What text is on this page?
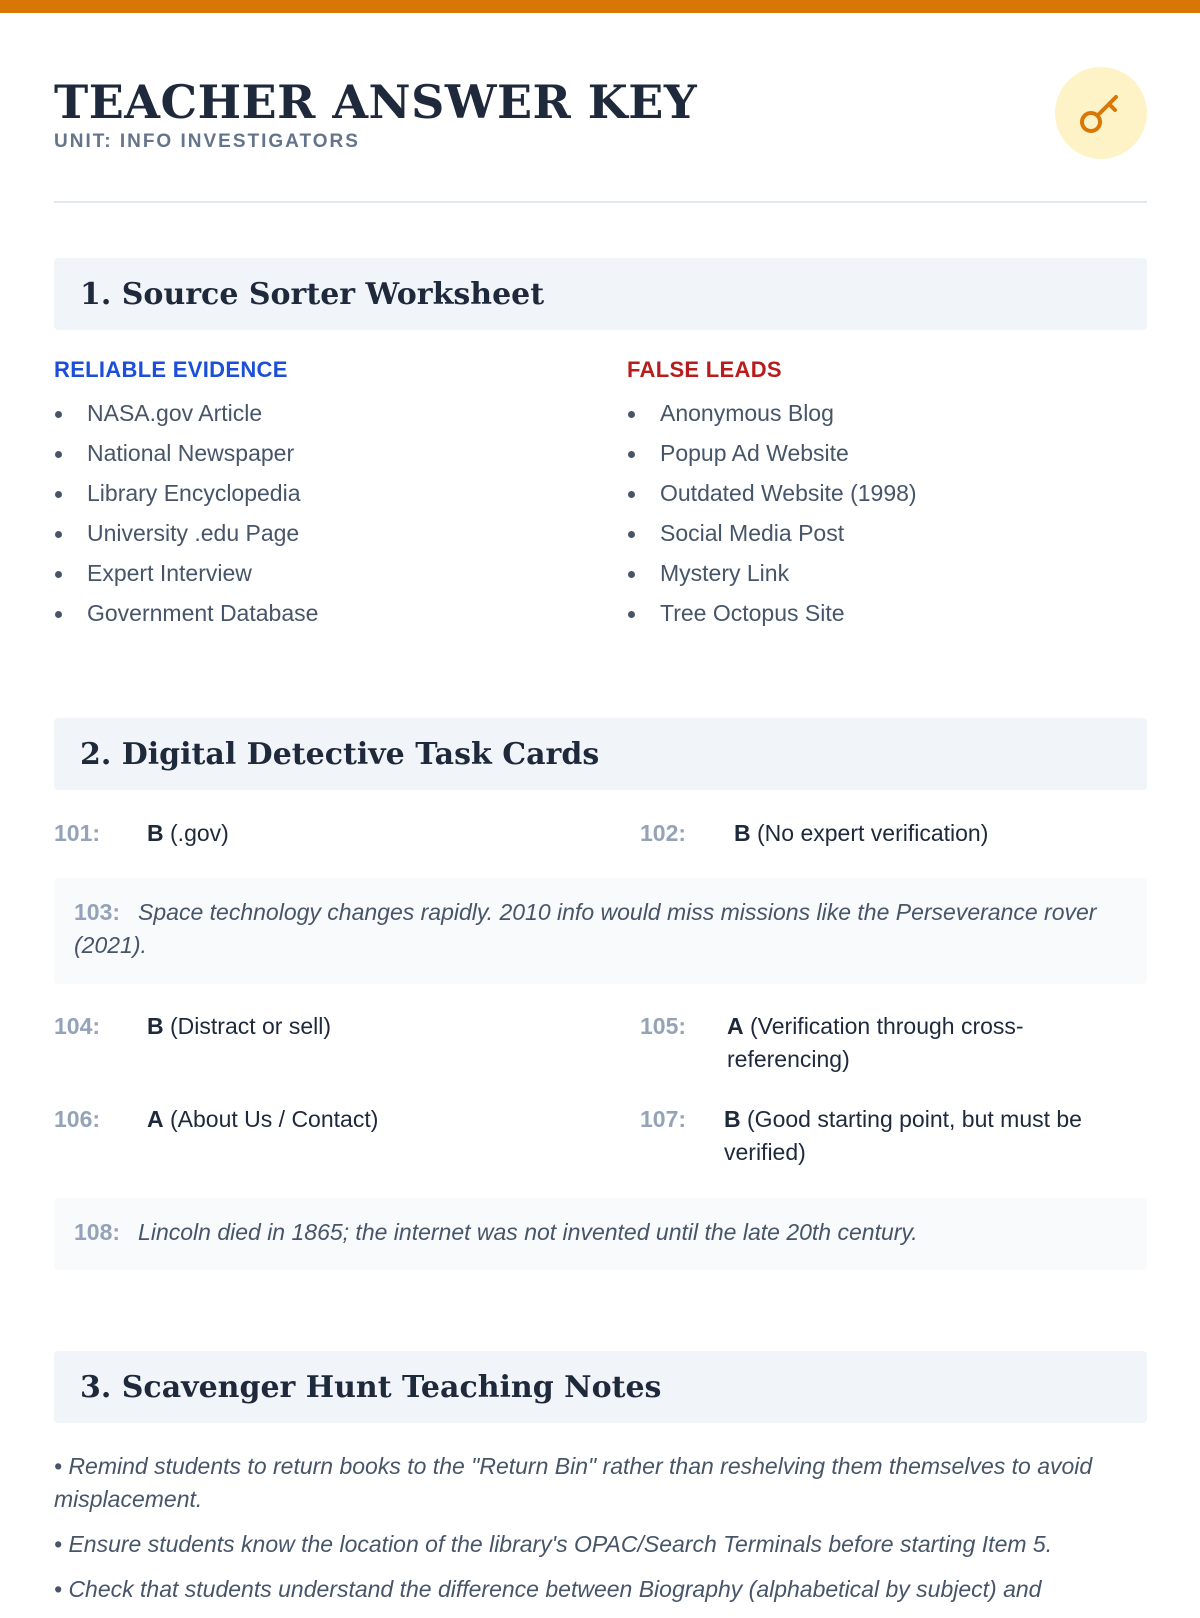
TEACHER ANSWER KEY
UNIT: INFO INVESTIGATORS
1. Source Sorter Worksheet
RELIABLE EVIDENCE
NASA.gov Article
National Newspaper
Library Encyclopedia
University .edu Page
Expert Interview
Government Database
FALSE LEADS
Anonymous Blog
Popup Ad Website
Outdated Website (1998)
Social Media Post
Mystery Link
Tree Octopus Site
2. Digital Detective Task Cards
101: B (.gov)	102: B (No expert verification)
103: Space technology changes rapidly. 2010 info would miss missions like the Perseverance rover (2021).
104: B (Distract or sell)	105: A (Verification through cross-referencing)
106: A (About Us / Contact)	107: B (Good starting point, but must be verified)
108: Lincoln died in 1865; the internet was not invented until the late 20th century.
3. Scavenger Hunt Teaching Notes

• Remind students to return books to the "Return Bin" rather than reshelving them themselves to avoid misplacement.

• Ensure students know the location of the library's OPAC/Search Terminals before starting Item 5.

• Check that students understand the difference between Biography (alphabetical by subject) and
